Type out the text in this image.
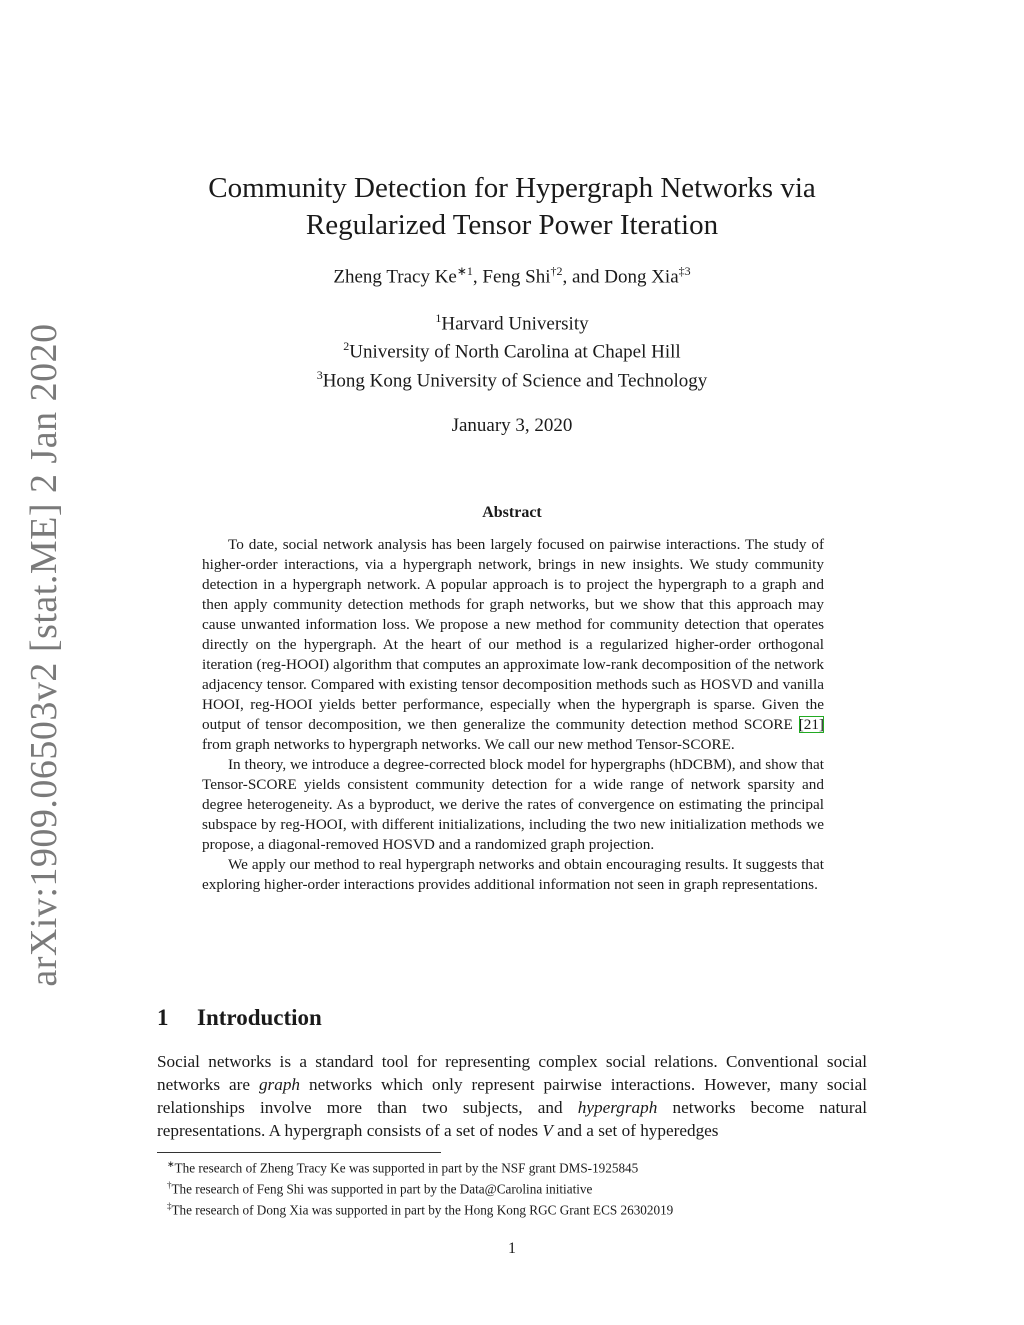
arXiv:1909.06503v2 [stat.ME] 2 Jan 2020
Community Detection for Hypergraph Networks via
Regularized Tensor Power Iteration
Zheng Tracy $Ke^{∗1}$, Feng Shi$^{\dagger 2}$, and Dong Xia$^{\ddagger 3}$
$^1$Harvard University
$^2$University of North Carolina at Chapel Hill
$^3$Hong Kong University of Science and Technology
January 3, 2020
Abstract

To date, social network analysis has been largely focused on pairwise interactions. The study of higher-order interactions, via a hypergraph network, brings in new insights. We study community detection in a hypergraph network. A popular approach is to project the hypergraph to a graph and then apply community detection methods for graph networks, but we show that this approach may cause unwanted information loss. We propose a new method for community detection that operates directly on the hypergraph. At the heart of our method is a regularized higher-order orthogonal iteration (reg-HOOI) algorithm that computes an approximate low-rank decomposition of the network adjacency tensor. Compared with existing tensor decomposition methods such as HOSVD and vanilla HOOI, reg-HOOI yields better performance, especially when the hypergraph is sparse. Given the output of tensor decomposition, we then generalize the community detection method SCORE [21] from graph networks to hypergraph networks. We call our new method Tensor-SCORE.

In theory, we introduce a degree-corrected block model for hypergraphs (hDCBM), and show that Tensor-SCORE yields consistent community detection for a wide range of network sparsity and degree heterogeneity. As a byproduct, we derive the rates of convergence on estimating the principal subspace by reg-HOOI, with different initializations, including the two new initialization methods we propose, a diagonal-removed HOSVD and a randomized graph projection.

We apply our method to real hypergraph networks and obtain encouraging results. It suggests that exploring higher-order interactions provides additional information not seen in graph representations.

1 Introduction

Social networks is a standard tool for representing complex social relations. Conventional social networks are graph networks which only represent pairwise interactions. However, many social relationships involve more than two subjects, and hypergraph networks become natural representations. A hypergraph consists of a set of nodes V and a set of hyperedges

∗The research of Zheng Tracy Ke was supported in part by the NSF grant DMS-1925845
†The research of Feng Shi was supported in part by the Data@Carolina initiative
‡The research of Dong Xia was supported in part by the Hong Kong RGC Grant ECS 26302019
1
